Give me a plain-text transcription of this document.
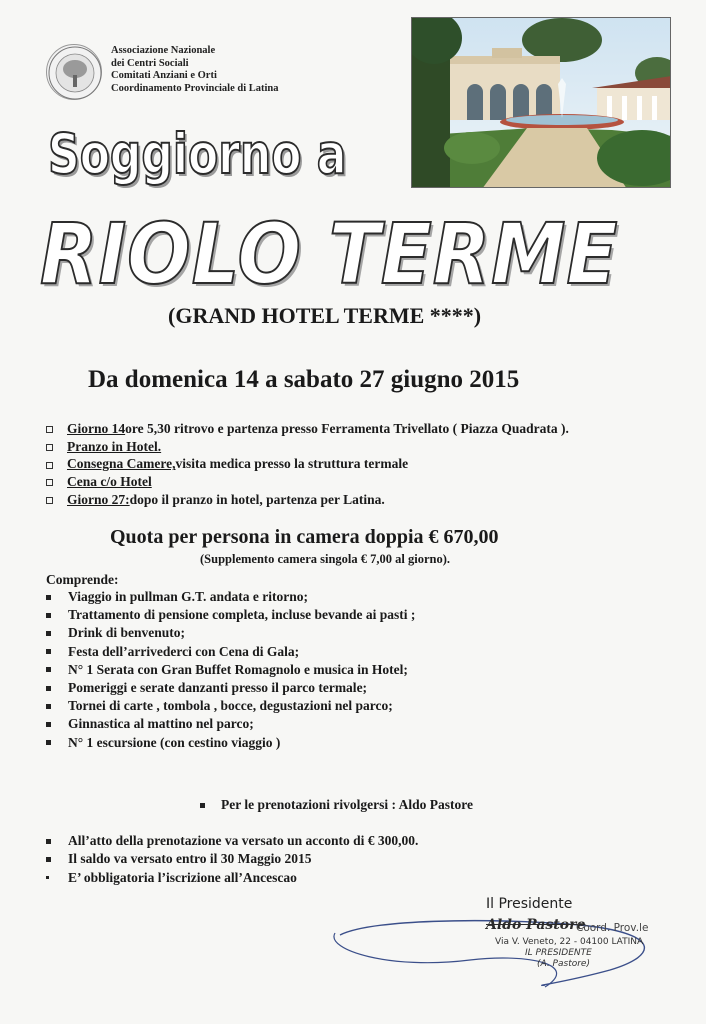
Associazione Nazionale
dei Centri Sociali
Comitati Anziani e Orti
Coordinamento Provinciale di Latina
Soggiorno a
RIOLO TERME
(GRAND HOTEL TERME ****)
Da domenica 14 a sabato 27 giugno 2015
Giorno 14 ore 5,30 ritrovo e partenza presso Ferramenta Trivellato ( Piazza Quadrata ).
Pranzo in Hotel.
Consegna Camere, visita medica presso la struttura termale
Cena c/o Hotel
Giorno 27: dopo il pranzo in hotel, partenza per Latina.
Quota per persona in camera doppia € 670,00
(Supplemento camera singola € 7,00 al giorno).
Comprende:
Viaggio in pullman G.T. andata e ritorno;
Trattamento di pensione completa, incluse bevande ai pasti ;
Drink di benvenuto;
Festa dell’arrivederci con Cena di Gala;
N° 1 Serata con Gran Buffet Romagnolo e musica in Hotel;
Pomeriggi e serate danzanti presso il parco termale;
Tornei di carte , tombola , bocce, degustazioni nel parco;
Ginnastica al mattino nel parco;
N° 1 escursione (con cestino viaggio )
Per le prenotazioni rivolgersi : Aldo Pastore
All’atto della prenotazione va versato un acconto di € 300,00.
Il saldo va versato entro il 30 Maggio 2015
E’ obbligatoria l’iscrizione all’Ancescao
Il Presidente
Aldo Pastore
Coord. Prov.le
Via V. Veneto, 22 - 04100 LATINA
IL PRESIDENTE
(A. Pastore)
